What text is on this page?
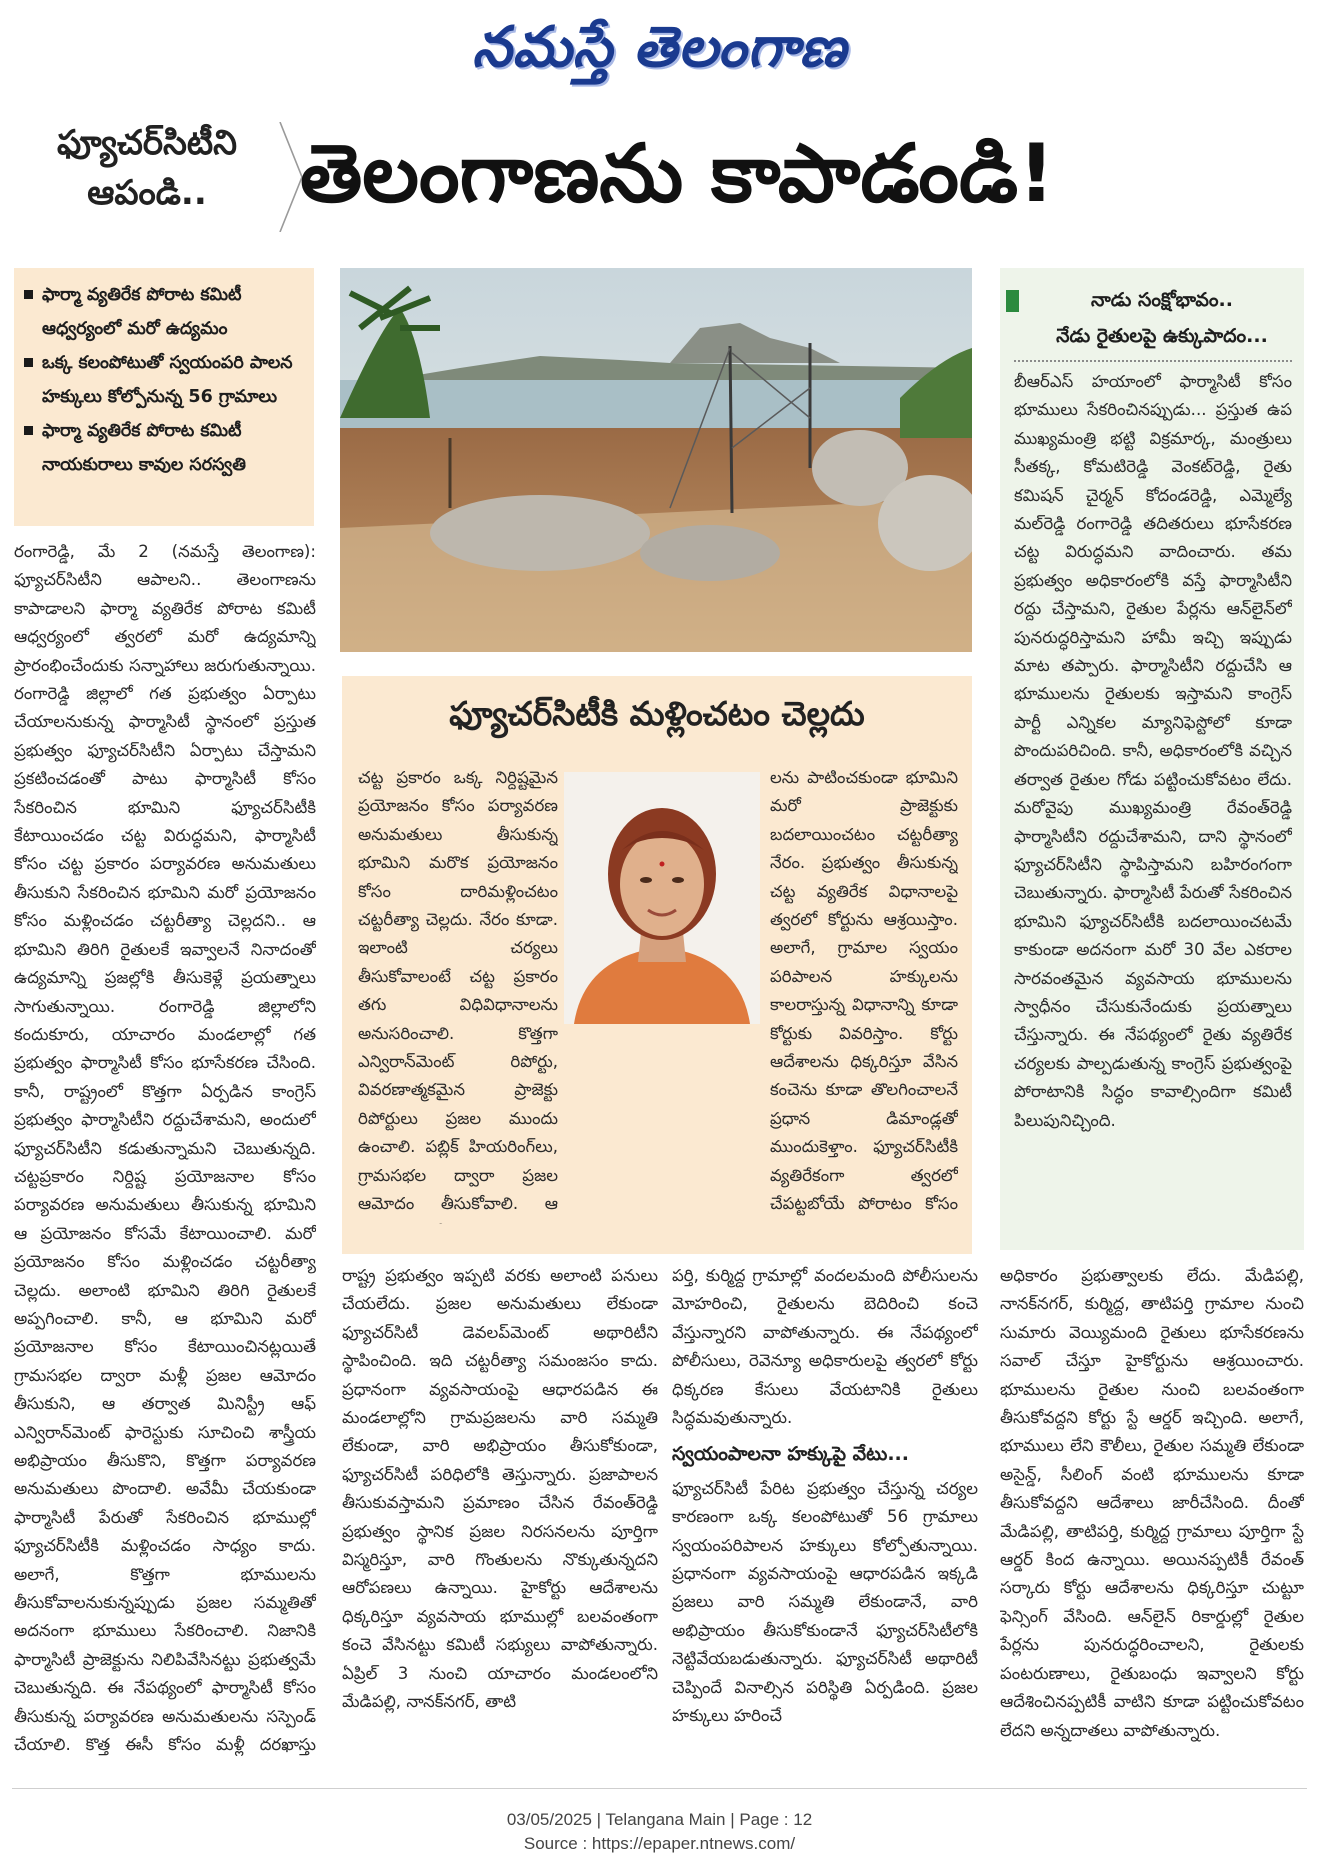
నమస్తే తెలంగాణ
ఫ్యూచర్‌సిటీని
ఆపండి..	తెలంగాణను కాపాడండి!
ఫార్మా వ్యతిరేక పోరాట కమిటీ ఆధ్వర్యంలో మరో ఉద్యమం
ఒక్క కలంపోటుతో స్వయంపరి పాలన హక్కులు కోల్పోనున్న 56 గ్రామాలు
ఫార్మా వ్యతిరేక పోరాట కమిటీ నాయకురాలు కావుల సరస్వతి

రంగారెడ్డి, మే 2 (నమస్తే తెలంగాణ): ఫ్యూచర్‌సిటీని ఆపాలని.. తెలంగాణను కాపాడాలని ఫార్మా వ్యతిరేక పోరాట కమిటీ ఆధ్వర్యంలో త్వరలో మరో ఉద్యమాన్ని ప్రారంభించేందుకు సన్నాహాలు జరుగుతున్నాయి. రంగారెడ్డి జిల్లాలో గత ప్రభుత్వం ఏర్పాటు చేయాలనుకున్న ఫార్మాసిటీ స్థానంలో ప్రస్తుత ప్రభుత్వం ఫ్యూచర్‌సిటీని ఏర్పాటు చేస్తామని ప్రకటించడంతో పాటు ఫార్మాసిటీ కోసం సేకరించిన భూమిని ఫ్యూచర్‌సిటీకి కేటాయించడం చట్ట విరుద్ధమని, ఫార్మాసిటీ కోసం చట్ట ప్రకారం పర్యావరణ అనుమతులు తీసుకుని సేకరించిన భూమిని మరో ప్రయోజనం కోసం మళ్లించడం చట్టరీత్యా చెల్లదని.. ఆ భూమిని తిరిగి రైతులకే ఇవ్వాలనే నినాదంతో ఉద్యమాన్ని ప్రజల్లోకి తీసుకెళ్లే ప్రయత్నాలు సాగుతున్నాయి. రంగారెడ్డి జిల్లాలోని కందుకూరు, యాచారం మండలాల్లో గత ప్రభుత్వం ఫార్మాసిటీ కోసం భూసేకరణ చేసింది. కానీ, రాష్ట్రంలో కొత్తగా ఏర్పడిన కాంగ్రెస్ ప్రభుత్వం ఫార్మాసిటీని రద్దుచేశామని, అందులో ఫ్యూచర్‌సిటీని కడుతున్నామని చెబుతున్నది. చట్టప్రకారం నిర్దిష్ట ప్రయోజనాల కోసం పర్యావరణ అనుమతులు తీసుకున్న భూమిని ఆ ప్రయోజనం కోసమే కేటాయించాలి. మరో ప్రయోజనం కోసం మళ్లించడం చట్టరీత్యా చెల్లదు. అలాంటి భూమిని తిరిగి రైతులకే అప్పగించాలి. కానీ, ఆ భూమిని మరో ప్రయోజనాల కోసం కేటాయించినట్లయితే గ్రామసభల ద్వారా మళ్లీ ప్రజల ఆమోదం తీసుకుని, ఆ తర్వాత మినిస్ట్రీ ఆఫ్ ఎన్విరాన్‌మెంట్ ఫారెస్టుకు సూచించి శాస్త్రీయ అభిప్రాయం తీసుకొని, కొత్తగా పర్యావరణ అనుమతులు పొందాలి. అవేమీ చేయకుండా ఫార్మాసిటీ పేరుతో సేకరించిన భూముల్లో ఫ్యూచర్‌సిటీకి మళ్లించడం సాధ్యం కాదు. అలాగే, కొత్తగా భూములను తీసుకోవాలనుకున్నప్పుడు ప్రజల సమ్మతితో అదనంగా భూములు సేకరించాలి. నిజానికి ఫార్మాసిటీ ప్రాజెక్టును నిలిపివేసినట్టు ప్రభుత్వమే చెబుతున్నది. ఈ నేపథ్యంలో ఫార్మాసిటీ కోసం తీసుకున్న పర్యావరణ అనుమతులను సస్పెండ్ చేయాలి. కొత్త ఈసీ కోసం మళ్లీ దరఖాస్తు

ఫ్యూచర్‌సిటీకి మళ్లించటం చెల్లదు

చట్ట ప్రకారం ఒక్క నిర్దిష్టమైన ప్రయోజనం కోసం పర్యావరణ అనుమతులు తీసుకున్న భూమిని మరొక ప్రయోజనం కోసం దారిమళ్లించటం చట్టరీత్యా చెల్లదు. నేరం కూడా. ఇలాంటి చర్యలు తీసుకోవాలంటే చట్ట ప్రకారం తగు విధివిధానాలను అనుసరించాలి. కొత్తగా ఎన్విరాన్‌మెంట్ రిపోర్టు, వివరణాత్మకమైన ప్రాజెక్టు రిపోర్టులు ప్రజల ముందు ఉంచాలి. పబ్లిక్ హియరింగ్‌లు, గ్రామసభల ద్వారా ప్రజల ఆమోదం తీసుకోవాలి. ఆ

లను పాటించకుండా భూమిని మరో ప్రాజెక్టుకు బదలాయించటం చట్టరీత్యా నేరం. ప్రభుత్వం తీసుకున్న చట్ట వ్యతిరేక విధానాలపై త్వరలో కోర్టును ఆశ్రయిస్తాం. అలాగే, గ్రామాల స్వయం పరిపాలన హక్కులను కాలరాస్తున్న విధానాన్ని కూడా కోర్టుకు వివరిస్తాం. కోర్టు ఆదేశాలను ధిక్కరిస్తూ వేసిన కంచెను కూడా తొలగించాలనే ప్రధాన డిమాండ్లతో ముందుకెళ్తాం. ఫ్యూచర్‌సిటీకి వ్యతిరేకంగా త్వరలో చేపట్టబోయే పోరాటం కోసం

నాడు సంక్షోభావం..
నేడు రైతులపై ఉక్కుపాదం...

బీఆర్‌ఎస్ హయాంలో ఫార్మాసిటీ కోసం భూములు సేకరించినప్పుడు... ప్రస్తుత ఉప ముఖ్యమంత్రి భట్టి విక్రమార్క, మంత్రులు సీతక్క, కోమటిరెడ్డి వెంకట్‌రెడ్డి, రైతు కమిషన్ చైర్మన్ కోదండరెడ్డి, ఎమ్మెల్యే మల్‌రెడ్డి రంగారెడ్డి తదితరులు భూసేకరణ చట్ట విరుద్ధమని వాదించారు. తమ ప్రభుత్వం అధికారంలోకి వస్తే ఫార్మాసిటీని రద్దు చేస్తామని, రైతుల పేర్లను ఆన్‌లైన్‌లో పునరుద్ధరిస్తామని హామీ ఇచ్చి ఇప్పుడు మాట తప్పారు. ఫార్మాసిటీని రద్దుచేసి ఆ భూములను రైతులకు ఇస్తామని కాంగ్రెస్ పార్టీ ఎన్నికల మ్యానిఫెస్టోలో కూడా పొందుపరిచింది. కానీ, అధికారంలోకి వచ్చిన తర్వాత రైతుల గోడు పట్టించుకోవటం లేదు. మరోవైపు ముఖ్యమంత్రి రేవంత్‌రెడ్డి ఫార్మాసిటీని రద్దుచేశామని, దాని స్థానంలో ఫ్యూచర్‌సిటీని స్థాపిస్తామని బహిరంగంగా చెబుతున్నారు. ఫార్మాసిటీ పేరుతో సేకరించిన భూమిని ఫ్యూచర్‌సిటీకి బదలాయించటమే కాకుండా అదనంగా మరో 30 వేల ఎకరాల సారవంతమైన వ్యవసాయ భూములను స్వాధీనం చేసుకునేందుకు ప్రయత్నాలు చేస్తున్నారు. ఈ నేపథ్యంలో రైతు వ్యతిరేక చర్యలకు పాల్పడుతున్న కాంగ్రెస్ ప్రభుత్వంపై పోరాటానికి సిద్ధం కావాల్సిందిగా కమిటీ పిలుపునిచ్చింది.

రాష్ట్ర ప్రభుత్వం ఇప్పటి వరకు అలాంటి పనులు చేయలేదు. ప్రజల అనుమతులు లేకుండా ఫ్యూచర్‌సిటీ డెవలప్‌మెంట్ అథారిటీని స్థాపించింది. ఇది చట్టరీత్యా సమంజసం కాదు. ప్రధానంగా వ్యవసాయంపై ఆధారపడిన ఈ మండలాల్లోని గ్రామప్రజలను వారి సమ్మతి లేకుండా, వారి అభిప్రాయం తీసుకోకుండా, ఫ్యూచర్‌సిటీ పరిధిలోకి తెస్తున్నారు. ప్రజాపాలన తీసుకువస్తామని ప్రమాణం చేసిన రేవంత్‌రెడ్డి ప్రభుత్వం స్థానిక ప్రజల నిరసనలను పూర్తిగా విస్మరిస్తూ, వారి గొంతులను నొక్కుతున్నదని ఆరోపణలు ఉన్నాయి. హైకోర్టు ఆదేశాలను ధిక్కరిస్తూ వ్యవసాయ భూముల్లో బలవంతంగా కంచె వేసినట్టు కమిటీ సభ్యులు వాపోతున్నారు. ఏప్రిల్ 3 నుంచి యాచారం మండలంలోని మేడిపల్లి, నానక్‌నగర్, తాటి

పర్తి, కుర్మిద్ద గ్రామాల్లో వందలమంది పోలీసులను మోహరించి, రైతులను బెదిరించి కంచె వేస్తున్నారని వాపోతున్నారు. ఈ నేపథ్యంలో పోలీసులు, రెవెన్యూ అధికారులపై త్వరలో కోర్టు ధిక్కరణ కేసులు వేయటానికి రైతులు సిద్ధమవుతున్నారు.

స్వయంపాలనా హక్కుపై వేటు...

ఫ్యూచర్‌సిటీ పేరిట ప్రభుత్వం చేస్తున్న చర్యల కారణంగా ఒక్క కలంపోటుతో 56 గ్రామాలు స్వయంపరిపాలన హక్కులు కోల్పోతున్నాయి. ప్రధానంగా వ్యవసాయంపై ఆధారపడిన ఇక్కడి ప్రజలు వారి సమ్మతి లేకుండానే, వారి అభిప్రాయం తీసుకోకుండానే ఫ్యూచర్‌సిటీలోకి నెట్టివేయబడుతున్నారు. ఫ్యూచర్‌సిటీ అథారిటీ చెప్పిందే వినాల్సిన పరిస్థితి ఏర్పడింది. ప్రజల హక్కులు హరించే

అధికారం ప్రభుత్వాలకు లేదు. మేడిపల్లి, నానక్‌నగర్, కుర్మిద్ద, తాటిపర్తి గ్రామాల నుంచి సుమారు వెయ్యిమంది రైతులు భూసేకరణను సవాల్ చేస్తూ హైకోర్టును ఆశ్రయించారు. భూములను రైతుల నుంచి బలవంతంగా తీసుకోవద్దని కోర్టు స్టే ఆర్డర్ ఇచ్చింది. అలాగే, భూములు లేని కౌలీలు, రైతుల సమ్మతి లేకుండా అసైన్డ్, సీలింగ్ వంటి భూములను కూడా తీసుకోవద్దని ఆదేశాలు జారీచేసింది. దీంతో మేడిపల్లి, తాటిపర్తి, కుర్మిద్ద గ్రామాలు పూర్తిగా స్టే ఆర్డర్ కింద ఉన్నాయి. అయినప్పటికీ రేవంత్ సర్కారు కోర్టు ఆదేశాలను ధిక్కరిస్తూ చుట్టూ ఫెన్సింగ్ వేసింది. ఆన్‌లైన్ రికార్డుల్లో రైతుల పేర్లను పునరుద్ధరించాలని, రైతులకు పంటరుణాలు, రైతుబంధు ఇవ్వాలని కోర్టు ఆదేశించినప్పటికీ వాటిని కూడా పట్టించుకోవటం లేదని అన్నదాతలు వాపోతున్నారు.

03/05/2025 | Telangana Main | Page : 12
Source : https://epaper.ntnews.com/
